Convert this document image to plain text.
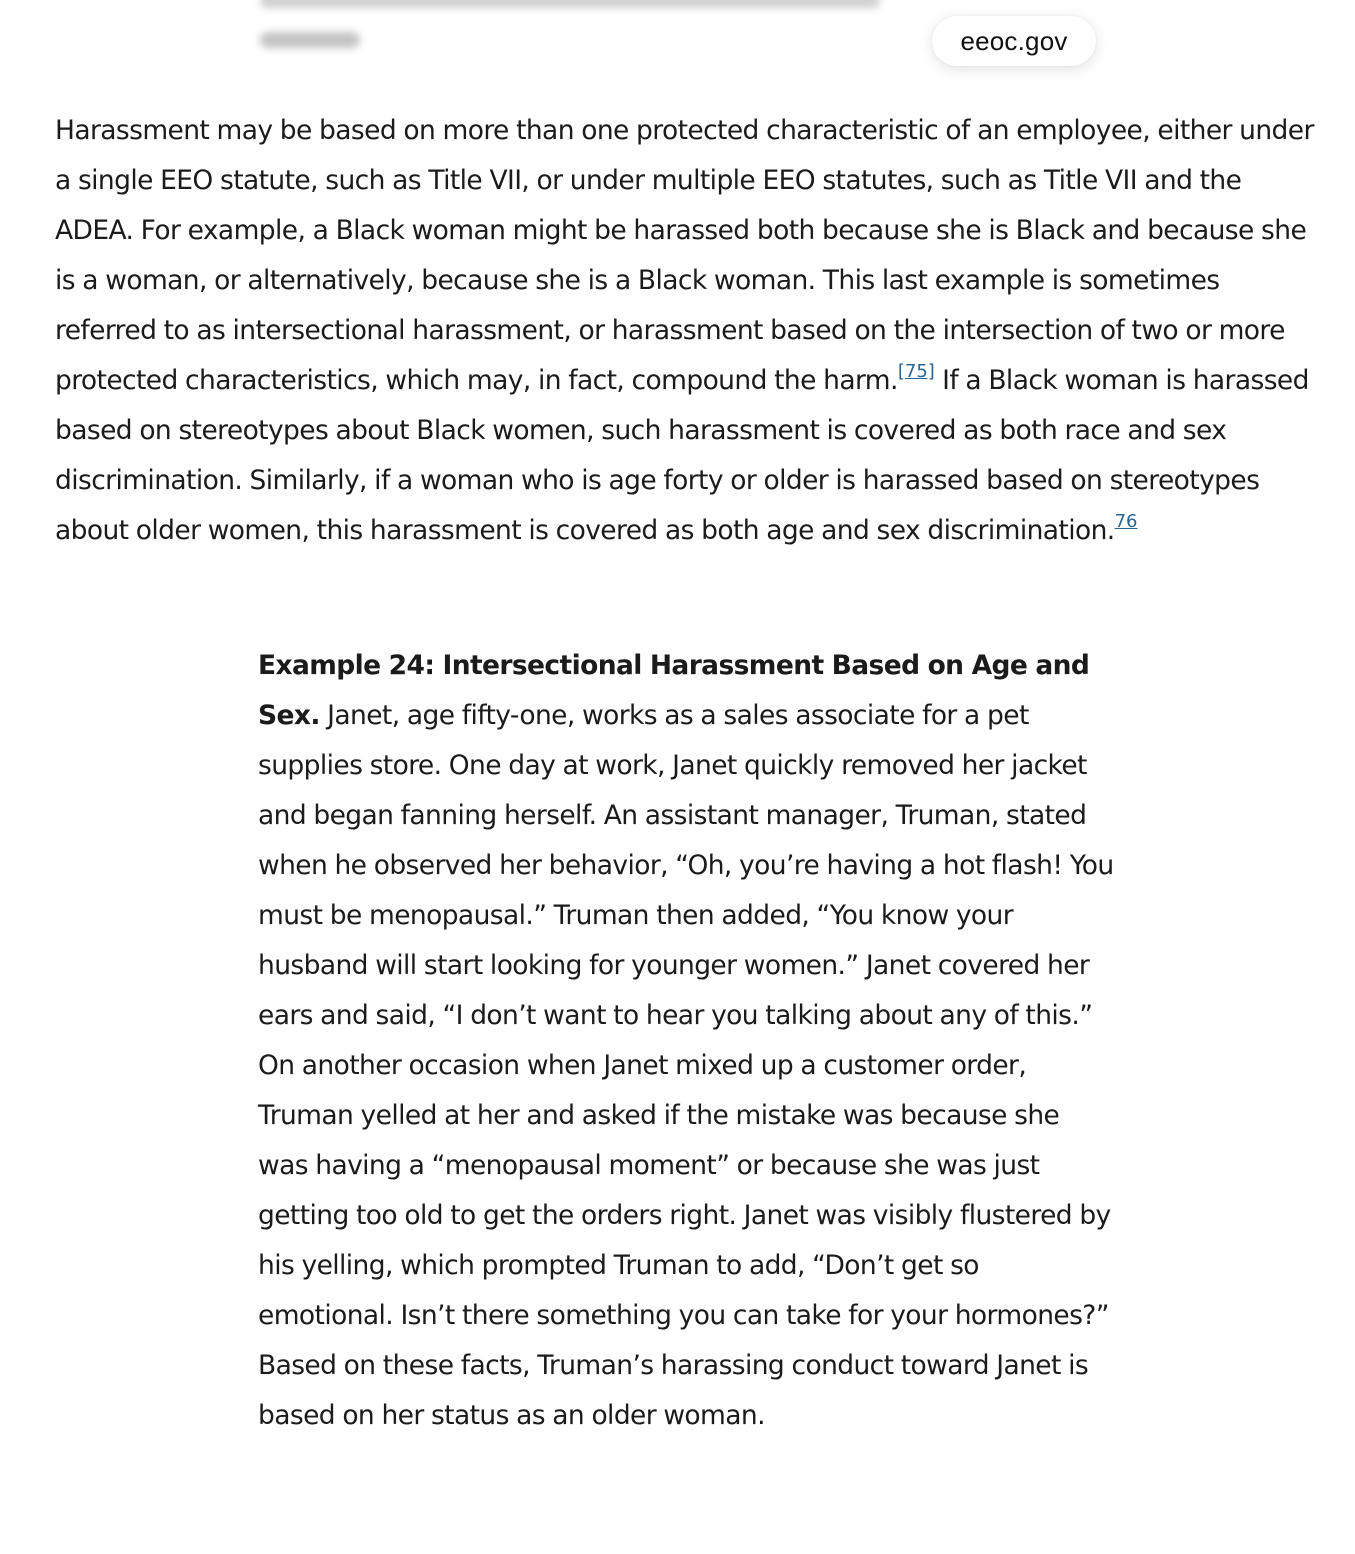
eeoc.gov

Harassment may be based on more than one protected characteristic of an employee, either under a single EEO statute, such as Title VII, or under multiple EEO statutes, such as Title VII and the ADEA. For example, a Black woman might be harassed both because she is Black and because she is a woman, or alternatively, because she is a Black woman. This last example is sometimes referred to as intersectional harassment, or harassment based on the intersection of two or more protected characteristics, which may, in fact, compound the harm.[75] If a Black woman is harassed based on stereotypes about Black women, such harassment is covered as both race and sex discrimination. Similarly, if a woman who is age forty or older is harassed based on stereotypes about older women, this harassment is covered as both age and sex discrimination.$^{76}$

Example 24: Intersectional Harassment Based on Age and Sex. Janet, age fifty-one, works as a sales associate for a pet supplies store. One day at work, Janet quickly removed her jacket and began fanning herself. An assistant manager, Truman, stated when he observed her behavior, “Oh, you’re having a hot flash! You must be menopausal.” Truman then added, “You know your husband will start looking for younger women.” Janet covered her ears and said, “I don’t want to hear you talking about any of this.” On another occasion when Janet mixed up a customer order, Truman yelled at her and asked if the mistake was because she was having a “menopausal moment” or because she was just getting too old to get the orders right. Janet was visibly flustered by his yelling, which prompted Truman to add, “Don’t get so emotional. Isn’t there something you can take for your hormones?” Based on these facts, Truman’s harassing conduct toward Janet is based on her status as an older woman.
